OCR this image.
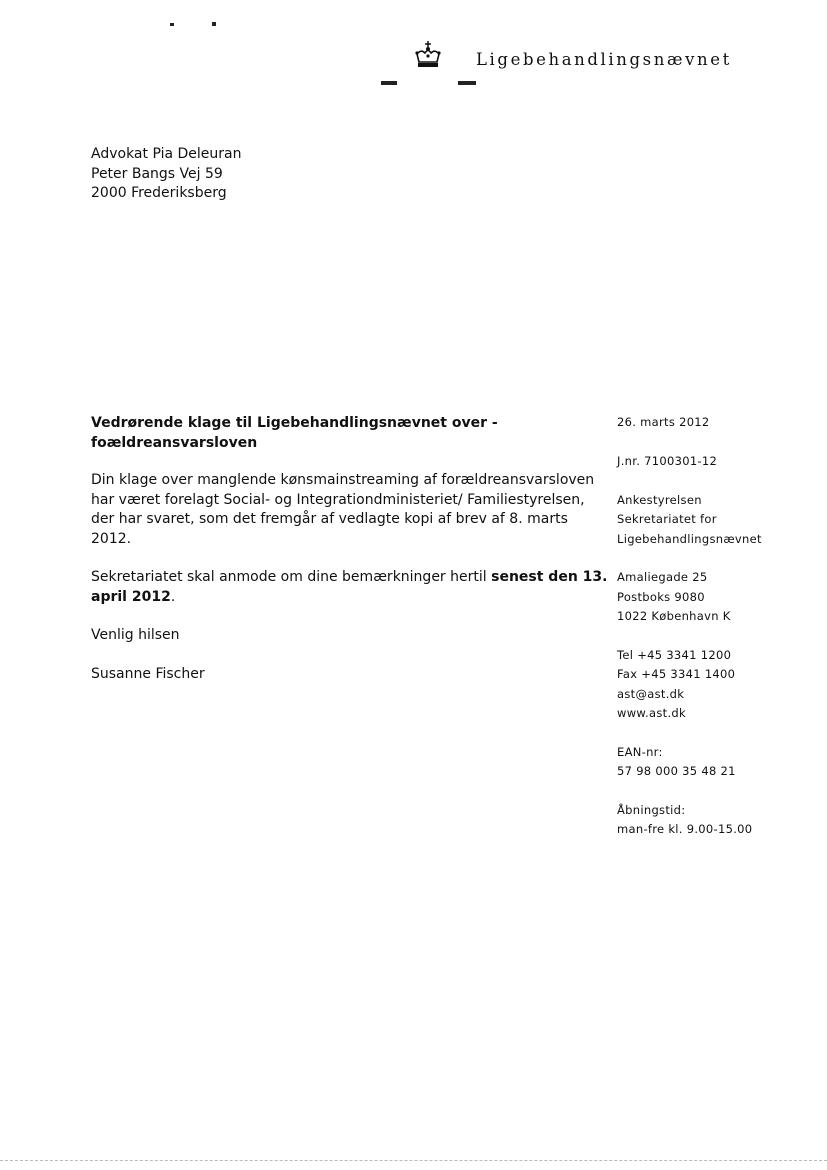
Ligebehandlingsnævnet
Advokat Pia Deleuran
Peter Bangs Vej 59
2000 Frederiksberg
Vedrørende klage til Ligebehandlingsnævnet over - foældreansvarsloven
Din klage over manglende kønsmainstreaming af forældreansvarsloven har været forelagt Social- og Integrationdministeriet/ Familiestyrelsen, der har svaret, som det fremgår af vedlagte kopi af brev af 8. marts 2012.
Sekretariatet skal anmode om dine bemærkninger hertil senest den 13. april 2012.
Venlig hilsen
Susanne Fischer
26. marts 2012
J.nr. 7100301-12
Ankestyrelsen
Sekretariatet for
Ligebehandlingsnævnet
Amaliegade 25
Postboks 9080
1022 København K
Tel +45 3341 1200
Fax +45 3341 1400
ast@ast.dk
www.ast.dk
EAN-nr:
57 98 000 35 48 21
Åbningstid:
man-fre kl. 9.00-15.00
